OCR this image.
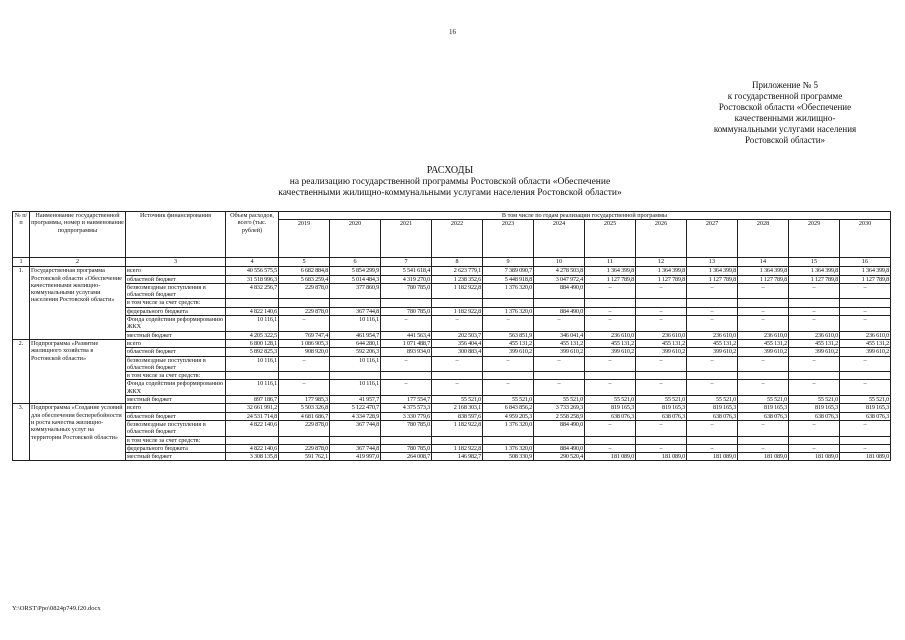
16
Приложение № 5
к государственной программе
Ростовской области «Обеспечение
качественными жилищно-
коммунальными услугами населения
Ростовской области»
РАСХОДЫ
на реализацию государственной программы Ростовской области «Обеспечение
качественными жилищно-коммунальными услугами населения Ростовской области»
№ п/п	Наименование государственной программы, номер и наименование подпрограммы	Источник финансирования	Объем расходов, всего (тыс. рублей)	В том числе по годам реализации государственной программы											
				2019	2020	2021	2022	2023	2024	2025	2026	2027	2028	2029	2030
1	2	3	4	5	6	7	8	9	10	11	12	13	14	15	16
1.	Государственная программа Ростовской области «Обеспечение качественными жилищно-коммунальными услугами населения Ростовской области»	всего	40 556 575,5	6 682 884,8	5 854 299,9	5 541 618,4	2 623 779,1	7 389 090,7	4 278 503,8	1 364 399,8	1 364 399,8	1 364 399,8	1 364 399,8	1 364 399,8	1 364 399,8
		областной бюджет	31 518 996,3	5 683 259,4	5 014 484,3	4 319 270,0	1 238 352,6	5 448 918,8	3 047 972,4	1 127 789,8	1 127 789,8	1 127 789,8	1 127 789,8	1 127 789,8	1 127 789,8
		безвозмездные поступления в областной бюджет	4 832 256,7	229 878,0	377 860,9	780 785,0	1 182 922,8	1 376 320,0	884 490,0	–	–	–	–	–	–
		в том числе за счет средств:													
		федерального бюджета	4 822 140,6	229 878,0	367 744,8	780 785,0	1 182 922,8	1 376 320,0	884 490,0	–	–	–	–	–	–
		Фонда содействия реформированию ЖКХ	10 116,1	–	10 116,1	–	–	–	–	–	–	–	–	–	–
		местный бюджет	4 205 322,5	769 747,4	461 954,7	441 563,4	202 503,7	563 851,9	346 041,4	236 610,0	236 610,0	236 610,0	236 610,0	236 610,0	236 610,0
2.	Подпрограмма «Развитие жилищного хозяйства в Ростовской области»	всего	6 800 128,1	1 086 905,3	644 280,1	1 071 488,7	356 404,4	455 131,2	455 131,2	455 131,2	455 131,2	455 131,2	455 131,2	455 131,2	455 131,2
		областной бюджет	5 892 825,3	908 920,0	592 206,3	893 934,0	300 883,4	399 610,2	399 610,2	399 610,2	399 610,2	399 610,2	399 610,2	399 610,2	399 610,2
		безвозмездные поступления в областной бюджет	10 116,1	–	10 116,1	–	–	–	–	–	–	–	–	–	–
		в том числе за счет средств:													
		Фонда содействия реформированию ЖКХ	10 116,1	–	10 116,1	–	–	–	–	–	–	–	–	–	–
		местный бюджет	897 186,7	177 985,3	41 957,7	177 554,7	55 521,0	55 521,0	55 521,0	55 521,0	55 521,0	55 521,0	55 521,0	55 521,0	55 521,0
3.	Подпрограмма «Создание условий для обеспечения бесперебойности и роста качества жилищно-коммунальных услуг на территории Ростовской области»	всего	32 661 991,2	5 503 326,8	5 122 470,7	4 375 573,3	2 168 303,1	6 843 856,2	3 733 269,3	819 165,3	819 165,3	819 165,3	819 165,3	819 165,3	819 165,3
		областной бюджет	24 531 714,8	4 681 686,7	4 334 728,9	3 330 779,6	838 597,6	4 959 205,3	2 558 258,9	638 076,3	638 076,3	638 076,3	638 076,3	638 076,3	638 076,3
		безвозмездные поступления в областной бюджет	4 822 140,6	229 878,0	367 744,8	780 785,0	1 182 922,8	1 376 320,0	884 490,0	–	–	–	–	–	–
		в том числе за счет средств:													
		федерального бюджета	4 822 140,6	229 878,0	367 744,8	780 785,0	1 182 922,8	1 376 320,0	884 490,0	–	–	–	–	–	–
		местный бюджет	3 308 135,8	591 762,1	419 997,0	264 008,7	146 982,7	508 330,9	290 520,4	181 089,0	181 089,0	181 089,0	181 089,0	181 089,0	181 089,0
Y:\ORST\Ppo\0824p749.f20.docx
